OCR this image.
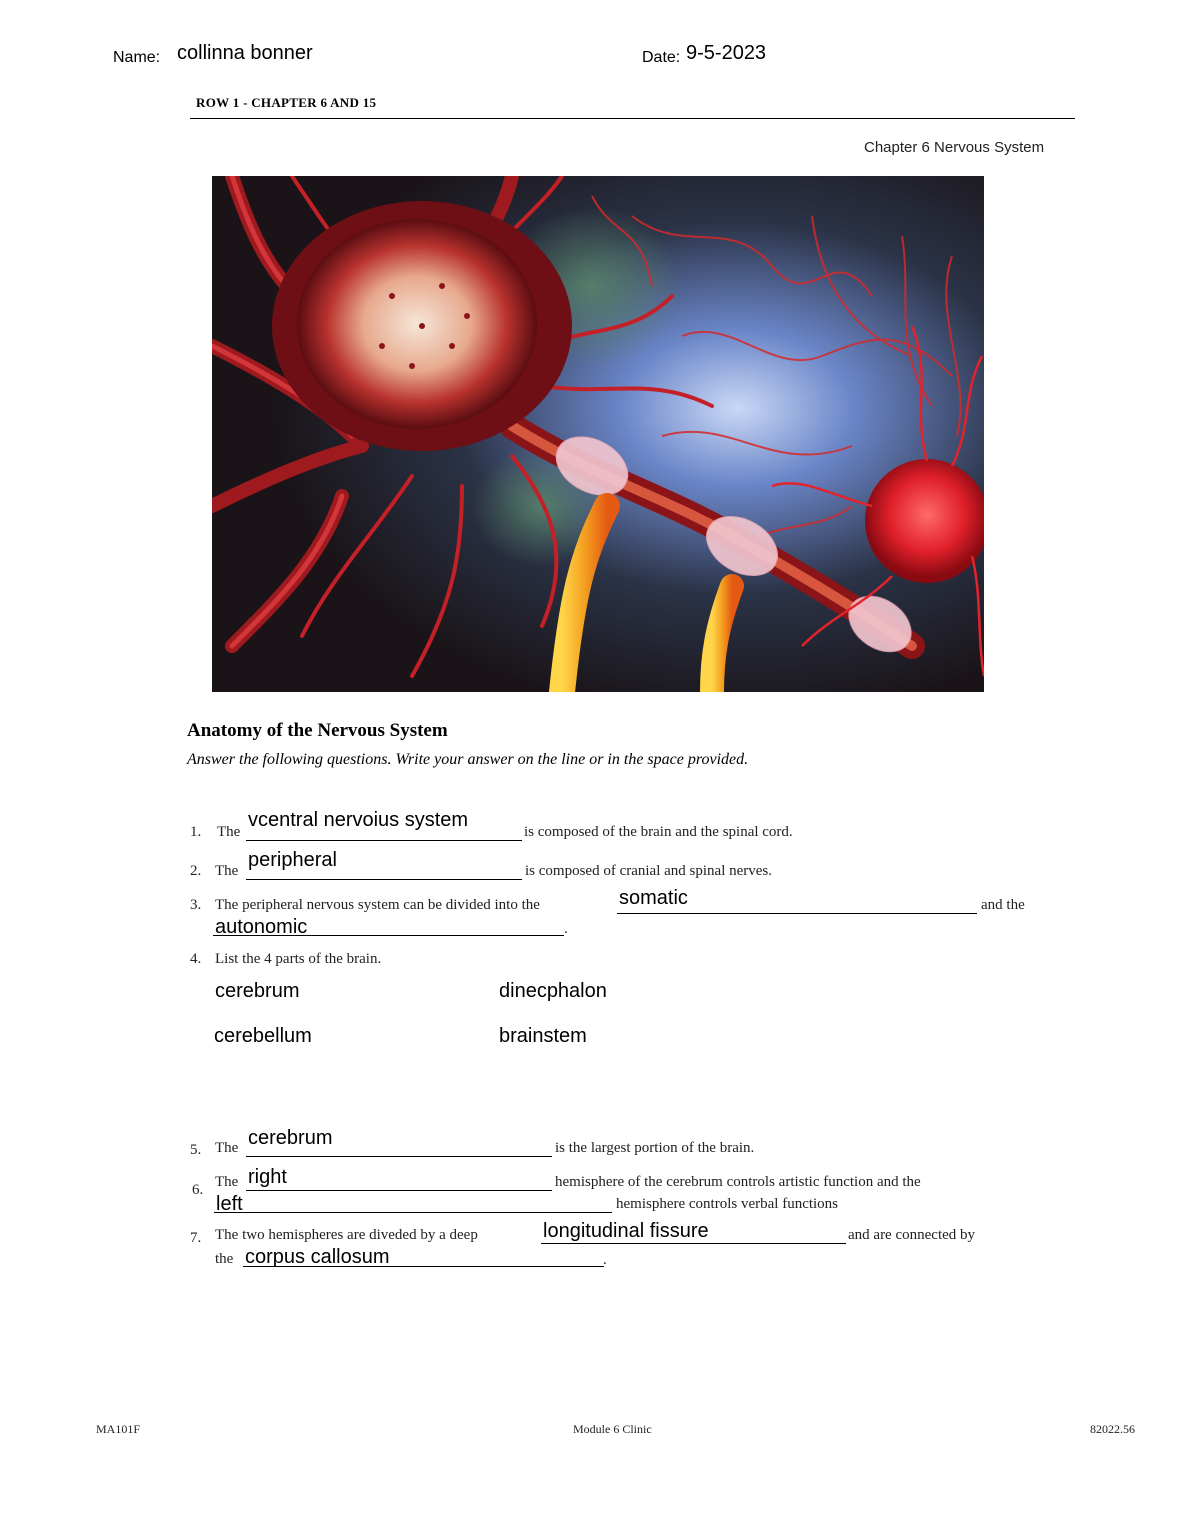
Name: collinna bonner	Date: 9-5-2023
ROW 1 - CHAPTER 6 AND 15
Chapter 6 Nervous System
Anatomy of the Nervous System
Answer the following questions. Write your answer on the line or in the space provided.
1. The
vcentral nervoius system
is composed of the brain and the spinal cord.
2. The peripheral	is composed of cranial and spinal nerves.
3. The peripheral nervous system can be divided into the	somatic	and the
autonomic	.
4. List the 4 parts of the brain.
cerebrum	dinecphalon
cerebellum	brainstem
5. The cerebrum	is the largest portion of the brain.
6. The right	hemisphere of the cerebrum controls artistic function and the
left	hemisphere controls verbal functions
7. The two hemispheres are diveded by a deep	longitudinal fissure	and are connected by
the corpus callosum	.
MA101F	Module 6 Clinic	82022.56
